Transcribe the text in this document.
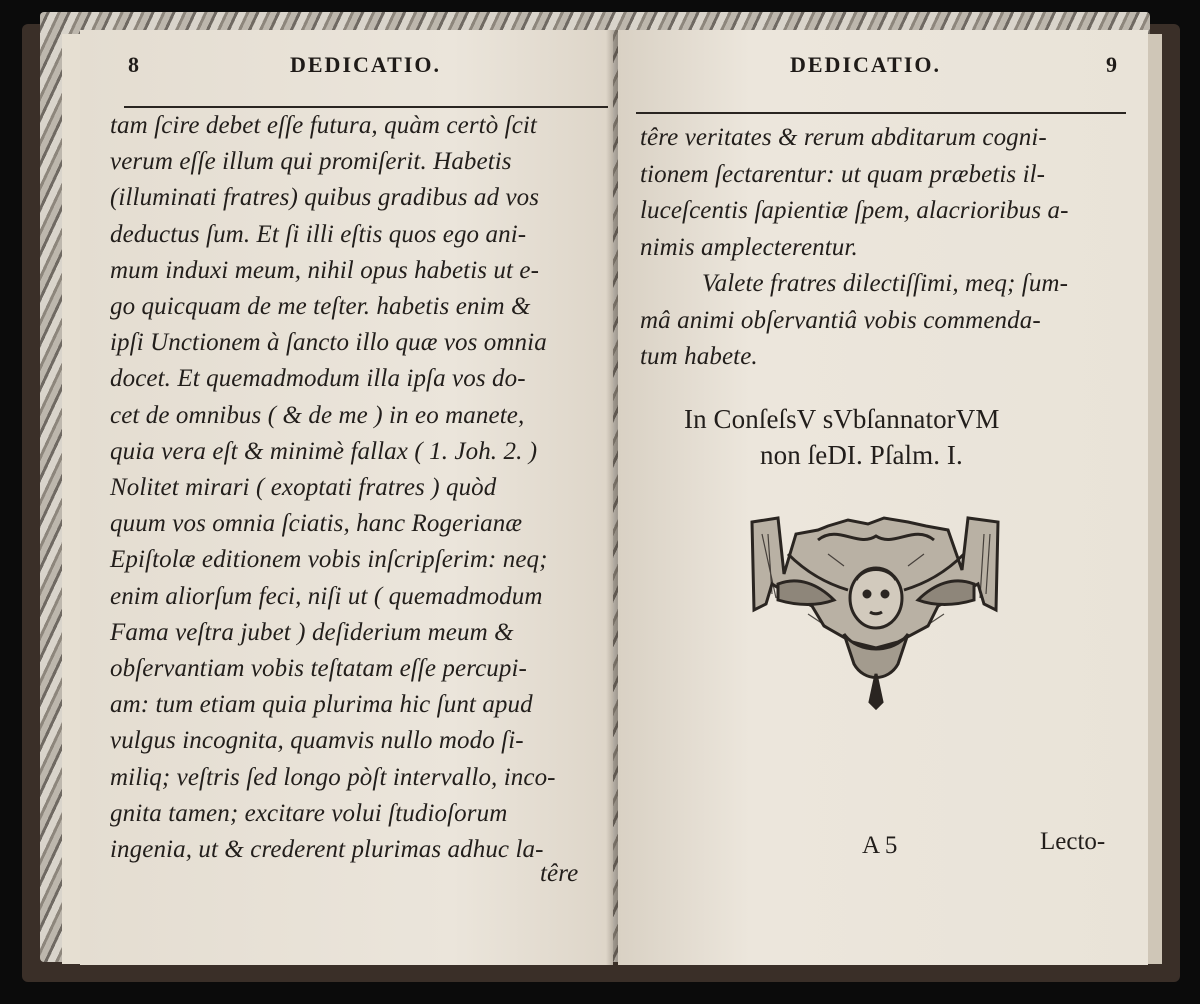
8	DEDICATIO.
tam ſcire debet eſſe futura, quàm certò ſcit
verum eſſe illum qui promiſerit. Habetis
(illuminati fratres) quibus gradibus ad vos
deductus ſum. Et ſi illi eſtis quos ego ani-
mum induxi meum, nihil opus habetis ut e-
go quicquam de me teſter. habetis enim &
ipſi Unctionem à ſancto illo quæ vos omnia
docet. Et quemadmodum illa ipſa vos do-
cet de omnibus ( & de me ) in eo manete,
quia vera eſt & minimè fallax ( 1. Joh. 2. )
Nolitet mirari ( exoptati fratres ) quòd
quum vos omnia ſciatis, hanc Rogerianæ
Epiſtolæ editionem vobis inſcripſerim: neq;
enim aliorſum feci, niſi ut ( quemadmodum
Fama veſtra jubet ) deſiderium meum &
obſervantiam vobis teſtatam eſſe percupi-
am: tum etiam quia plurima hic ſunt apud
vulgus incognita, quamvis nullo modo ſi-
miliq; veſtris ſed longo pòſt intervallo, inco-
gnita tamen; excitare volui ſtudioſorum
ingenia, ut & crederent plurimas adhuc la-
têre
DEDICATIO.	9
têre veritates & rerum abditarum cogni-
tionem ſectarentur: ut quam præbetis il-
luceſcentis ſapientiæ ſpem, alacrioribus a-
nimis amplecterentur.
Valete fratres dilectiſſimi, meq; ſum-
mâ animi obſervantiâ vobis commenda-
tum habete.
In ConſeſsV sVbſannatorVM
non ſeDI. Pſalm. I.
A 5	Lecto-
